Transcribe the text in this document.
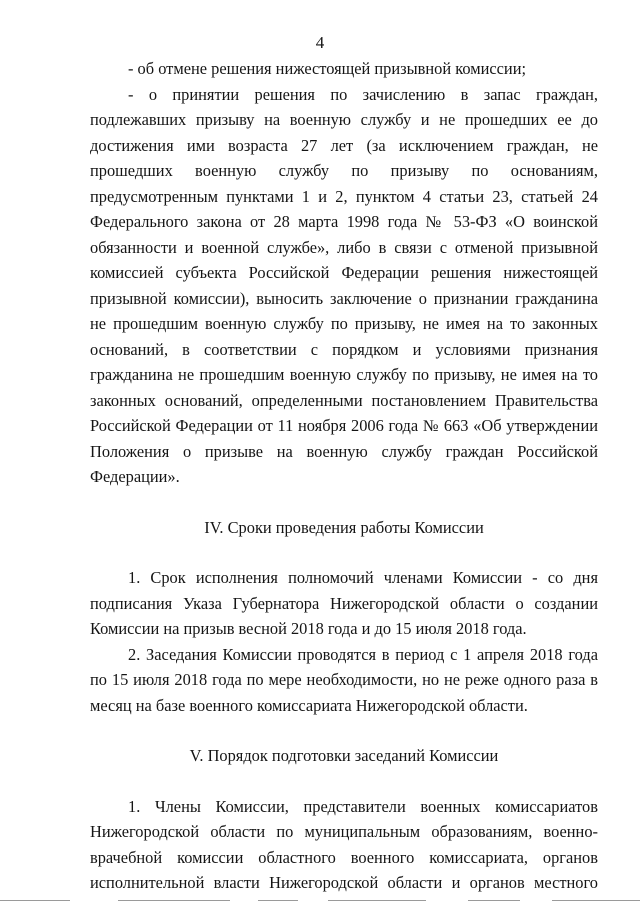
4

- об отмене решения нижестоящей призывной комиссии;

- о принятии решения по зачислению в запас граждан, подлежавших призыву на военную службу и не прошедших ее до достижения ими возраста 27 лет (за исключением граждан, не прошедших военную службу по призыву по основаниям, предусмотренным пунктами 1 и 2, пунктом 4 статьи 23, статьей 24 Федерального закона от 28 марта 1998 года № 53-ФЗ «О воинской обязанности и военной службе», либо в связи с отменой призывной комиссией субъекта Российской Федерации решения нижестоящей призывной комиссии), выносить заключение о признании гражданина не прошедшим военную службу по призыву, не имея на то законных оснований, в соответствии с порядком и условиями признания гражданина не прошедшим военную службу по призыву, не имея на то законных оснований, определенными постановлением Правительства Российской Федерации от 11 ноября 2006 года № 663 «Об утверждении Положения о призыве на военную службу граждан Российской Федерации».

IV. Сроки проведения работы Комиссии

1. Срок исполнения полномочий членами Комиссии - со дня подписания Указа Губернатора Нижегородской области о создании Комиссии на призыв весной 2018 года и до 15 июля 2018 года.

2. Заседания Комиссии проводятся в период с 1 апреля 2018 года по 15 июля 2018 года по мере необходимости, но не реже одного раза в месяц на базе военного комиссариата Нижегородской области.

V. Порядок подготовки заседаний Комиссии

1. Члены Комиссии, представители военных комиссариатов Нижегородской области по муниципальным образованиям, военно-врачебной комиссии областного военного комиссариата, органов исполнительной власти Нижегородской области и органов местного
